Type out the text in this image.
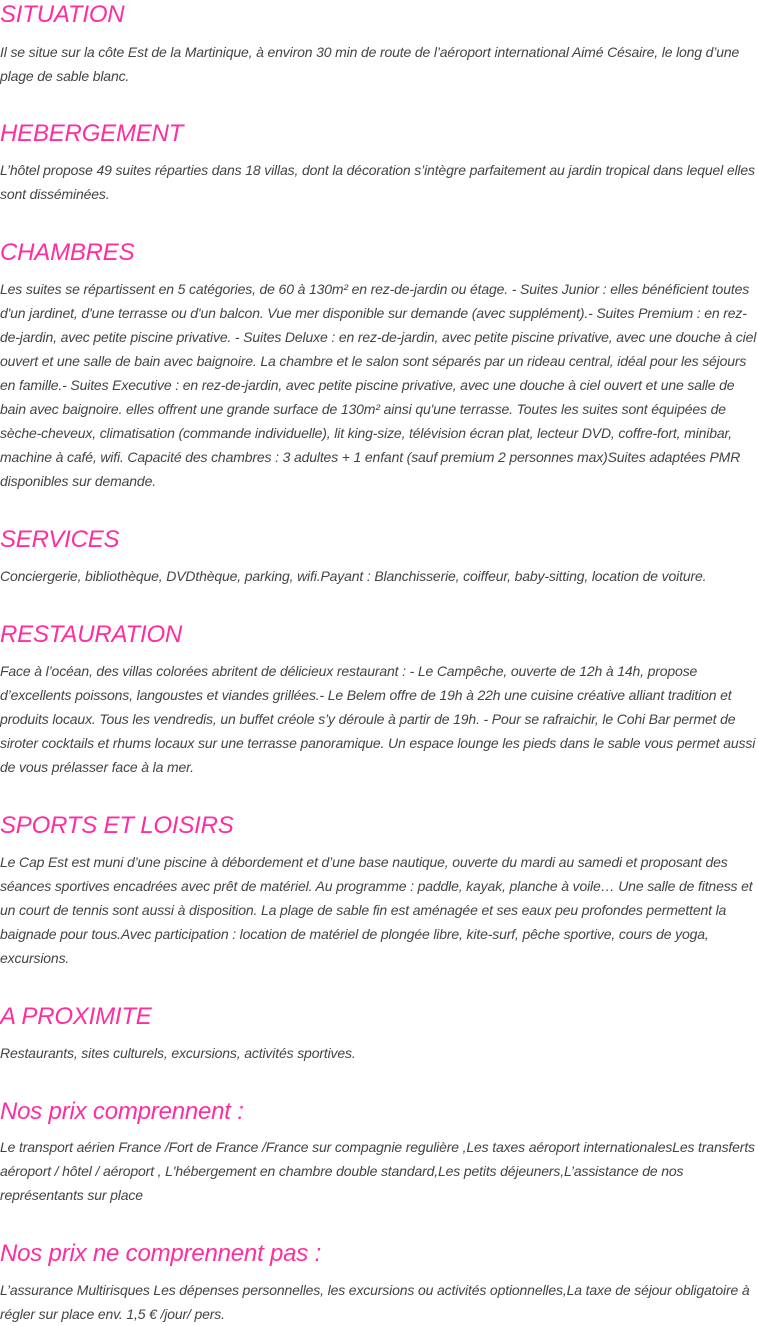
SITUATION

Il se situe sur la côte Est de la Martinique, à environ 30 min de route de l’aéroport international Aimé Césaire, le long d’une plage de sable blanc.

HEBERGEMENT

L’hôtel propose 49 suites réparties dans 18 villas, dont la décoration s’intègre parfaitement au jardin tropical dans lequel elles sont disséminées.

CHAMBRES

Les suites se répartissent en 5 catégories, de 60 à 130m² en rez-de-jardin ou étage. - Suites Junior : elles bénéficient toutes d'un jardinet, d'une terrasse ou d'un balcon. Vue mer disponible sur demande (avec supplément).- Suites Premium : en rez-de-jardin, avec petite piscine privative. - Suites Deluxe : en rez-de-jardin, avec petite piscine privative, avec une douche à ciel ouvert et une salle de bain avec baignoire. La chambre et le salon sont séparés par un rideau central, idéal pour les séjours en famille.- Suites Executive : en rez-de-jardin, avec petite piscine privative, avec une douche à ciel ouvert et une salle de bain avec baignoire. elles offrent une grande surface de 130m² ainsi qu'une terrasse. Toutes les suites sont équipées de sèche-cheveux, climatisation (commande individuelle), lit king-size, télévision écran plat, lecteur DVD, coffre-fort, minibar, machine à café, wifi. Capacité des chambres : 3 adultes + 1 enfant (sauf premium 2 personnes max)Suites adaptées PMR disponibles sur demande.

SERVICES

Conciergerie, bibliothèque, DVDthèque, parking, wifi.Payant : Blanchisserie, coiffeur, baby-sitting, location de voiture.

RESTAURATION

Face à l’océan, des villas colorées abritent de délicieux restaurant : - Le Campêche, ouverte de 12h à 14h, propose d’excellents poissons, langoustes et viandes grillées.- Le Belem offre de 19h à 22h une cuisine créative alliant tradition et produits locaux. Tous les vendredis, un buffet créole s’y déroule à partir de 19h. - Pour se rafraichir, le Cohi Bar permet de siroter cocktails et rhums locaux sur une terrasse panoramique. Un espace lounge les pieds dans le sable vous permet aussi de vous prélasser face à la mer.

SPORTS ET LOISIRS

Le Cap Est est muni d’une piscine à débordement et d’une base nautique, ouverte du mardi au samedi et proposant des séances sportives encadrées avec prêt de matériel. Au programme : paddle, kayak, planche à voile… Une salle de fitness et un court de tennis sont aussi à disposition. La plage de sable fin est aménagée et ses eaux peu profondes permettent la baignade pour tous.Avec participation : location de matériel de plongée libre, kite-surf, pêche sportive, cours de yoga, excursions.

A PROXIMITE

Restaurants, sites culturels, excursions, activités sportives.

Nos prix comprennent :

Le transport aérien France /Fort de France /France sur compagnie regulière ,Les taxes aéroport internationalesLes transferts aéroport / hôtel / aéroport , L'hébergement en chambre double standard,Les petits déjeuners,L’assistance de nos représentants sur place

Nos prix ne comprennent pas :

L’assurance Multirisques Les dépenses personnelles, les excursions ou activités optionnelles,La taxe de séjour obligatoire à régler sur place env. 1,5 € /jour/ pers.
